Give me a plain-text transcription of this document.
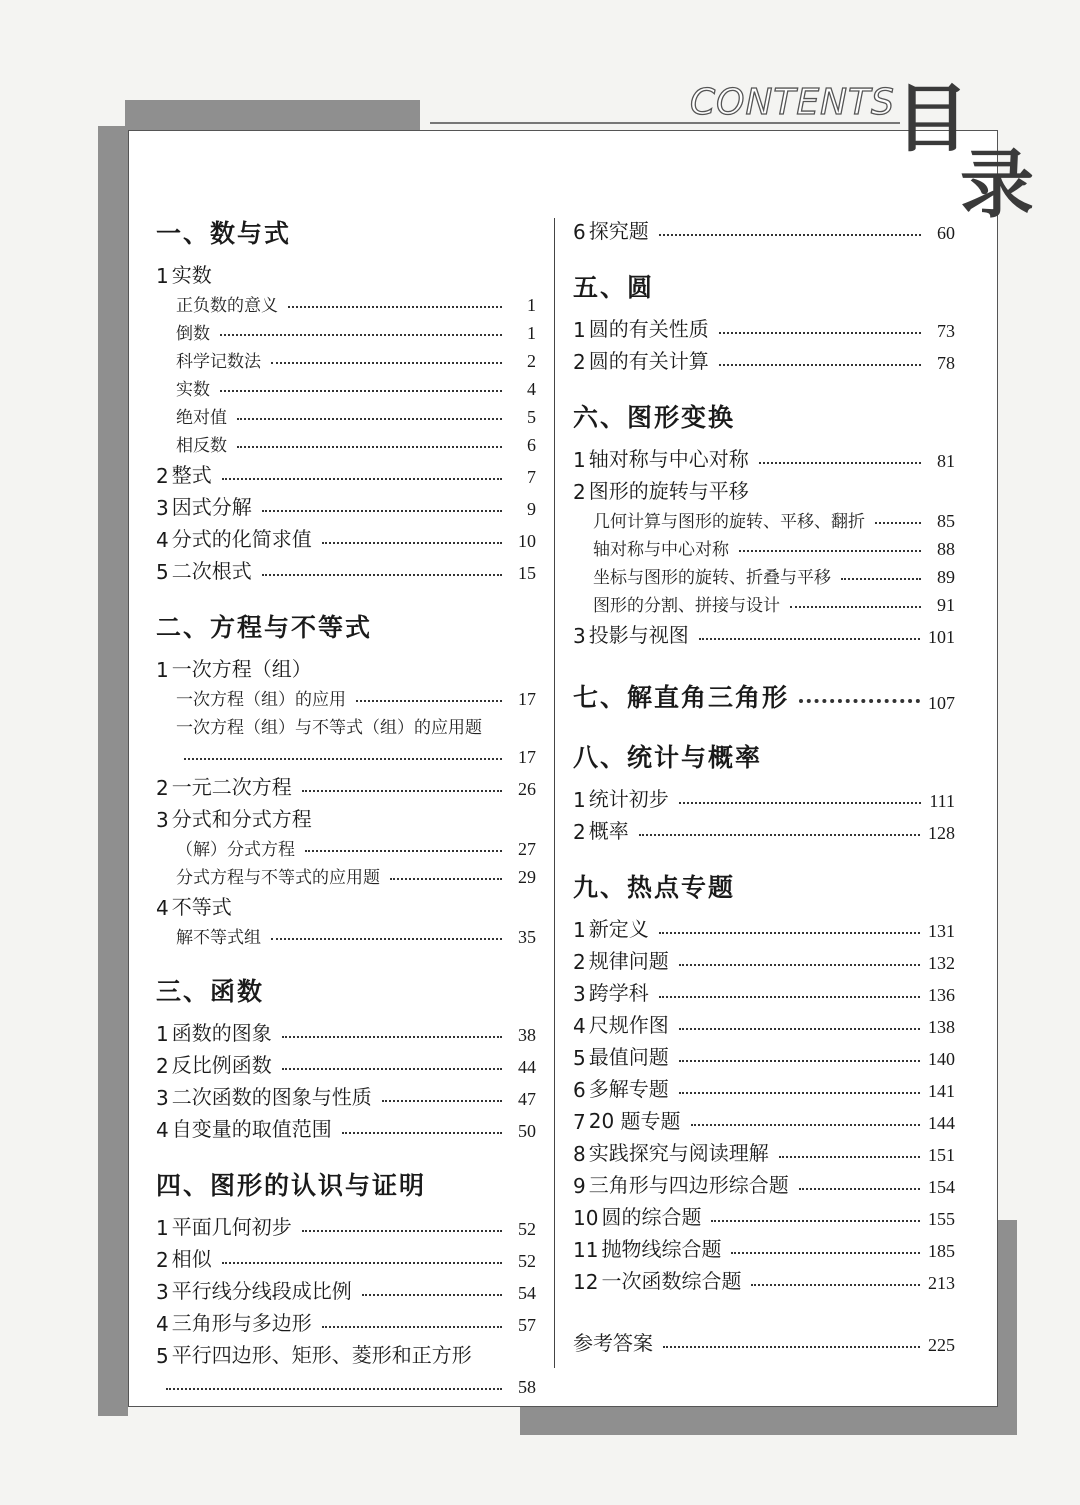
CONTENTS 目
录
一、数与式
1 实数
正负数的意义	1
倒数	1
科学记数法	2
实数	4
绝对值	5
相反数	6
2 整式	7
3 因式分解	9
4 分式的化简求值	10
5 二次根式	15
二、方程与不等式
1 一次方程（组）
一次方程（组）的应用	17
一次方程（组）与不等式（组）的应用题
17
2 一元二次方程	26
3 分式和分式方程
（解）分式方程	27
分式方程与不等式的应用题	29
4 不等式
解不等式组	35
三、函数
1 函数的图象	38
2 反比例函数	44
3 二次函数的图象与性质	47
4 自变量的取值范围	50
四、图形的认识与证明
1 平面几何初步	52
2 相似	52
3 平行线分线段成比例	54
4 三角形与多边形	57
5 平行四边形、矩形、菱形和正方形
58
6 探究题	60
五、圆
1 圆的有关性质	73
2 圆的有关计算	78
六、图形变换
1 轴对称与中心对称	81
2 图形的旋转与平移
几何计算与图形的旋转、平移、翻折	85
轴对称与中心对称	88
坐标与图形的旋转、折叠与平移	89
图形的分割、拼接与设计	91
3 投影与视图	101
七、解直角三角形	107
八、统计与概率
1 统计初步	111
2 概率	128
九、热点专题
1 新定义	131
2 规律问题	132
3 跨学科	136
4 尺规作图	138
5 最值问题	140
6 多解专题	141
7 20 题专题	144
8 实践探究与阅读理解	151
9 三角形与四边形综合题	154
10 圆的综合题	155
11 抛物线综合题	185
12 一次函数综合题	213
参考答案	225
